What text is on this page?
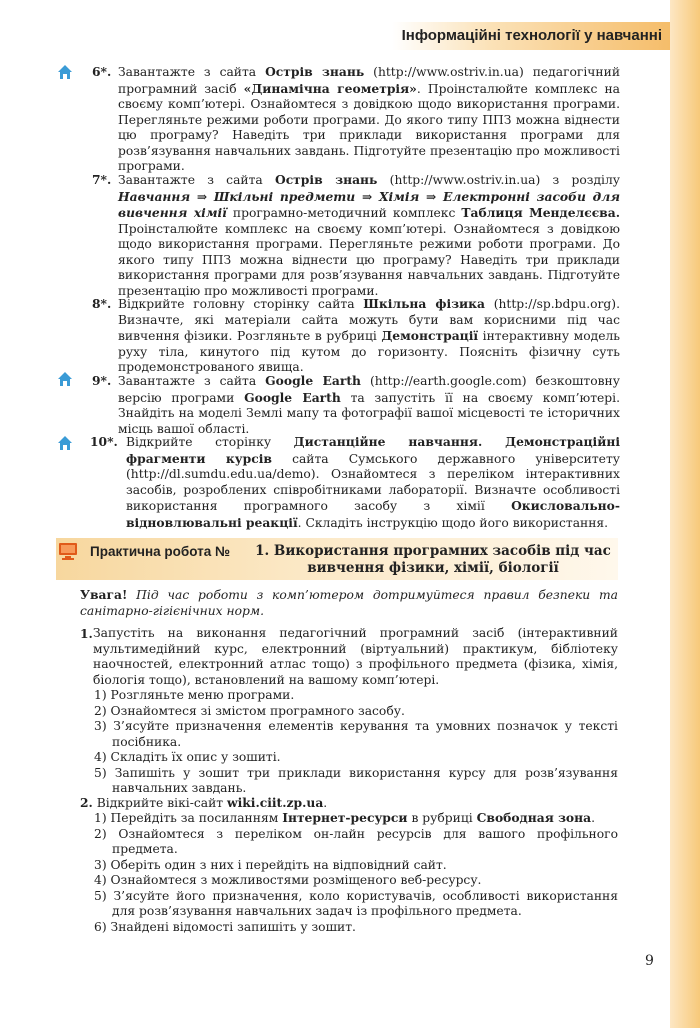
Інформаційні технології у навчанні
6*. Завантажте з сайта Острів знань (http://www.ostriv.in.ua) педагогічний програмний засіб «Динамічна геометрія». Проінсталюйте комплекс на своєму комп’ютері. Ознайомтеся з довідкою щодо використання програми. Перегляньте режими роботи програми. До якого типу ППЗ можна віднести цю програму? Наведіть три приклади використання програми для розв’язування навчальних завдань. Підготуйте презентацію про можливості програми.
7*. Завантажте з сайта Острів знань (http://www.ostriv.in.ua) з розділу Навчання ⇒ Шкільні предмети ⇒ Хімія ⇒ Електронні засоби для вивчення хімії програмно-методичний комплекс Таблиця Менделєєва. Проінсталюйте комплекс на своєму комп’ютері. Ознайомтеся з довідкою щодо використання програми. Перегляньте режими роботи програми. До якого типу ППЗ можна віднести цю програму? Наведіть три приклади використання програми для розв’язування навчальних завдань. Підготуйте презентацію про можливості програми.
8*. Відкрийте головну сторінку сайта Шкільна фізика (http://sp.bdpu.org). Визначте, які матеріали сайта можуть бути вам корисними під час вивчення фізики. Розгляньте в рубриці Демонстрації інтерактивну модель руху тіла, кинутого під кутом до горизонту. Поясніть фізичну суть продемонстрованого явища.
9*. Завантажте з сайта Google Earth (http://earth.google.com) безкоштовну версію програми Google Earth та запустіть її на своєму комп’ютері. Знайдіть на моделі Землі мапу та фотографії вашої місцевості те історичних місць вашої області.
10*. Відкрийте сторінку Дистанційне навчання. Демонстраційні фрагменти курсів сайта Сумського державного університету (http://dl.sumdu.edu.ua/demo). Ознайомтеся з переліком інтерактивних засобів, розроблених співробітниками лабораторії. Визначте особливості використання програмного засобу з хімії Окисловально-відновлювальні реакції. Складіть інструкцію щодо його використання.
Практична робота № 1. Використання програмних засобів під час вивчення фізики, хімії, біології
Увага! Під час роботи з комп’ютером дотримуйтеся правил безпеки та санітарно-гігієнічних норм.
1. Запустіть на виконання педагогічний програмний засіб (інтерактивний мультимедійний курс, електронний (віртуальний) практикум, бібліотеку наочностей, електронний атлас тощо) з профільного предмета (фізика, хімія, біологія тощо), встановлений на вашому комп’ютері.
1) Розгляньте меню програми.
2) Ознайомтеся зі змістом програмного засобу.
3) З’ясуйте призначення елементів керування та умовних позначок у тексті посібника.
4) Складіть їх опис у зошиті.
5) Запишіть у зошит три приклади використання курсу для розв’язування навчальних завдань.
2. Відкрийте вікі-сайт wiki.ciit.zp.ua.
1) Перейдіть за посиланням Інтернет-ресурси в рубриці Свободная зона.
2) Ознайомтеся з переліком он-лайн ресурсів для вашого профільного предмета.
3) Оберіть один з них і перейдіть на відповідний сайт.
4) Ознайомтеся з можливостями розміщеного веб-ресурсу.
5) З’ясуйте його призначення, коло користувачів, особливості використання для розв’язування навчальних задач із профільного предмета.
6) Знайдені відомості запишіть у зошит.
9
